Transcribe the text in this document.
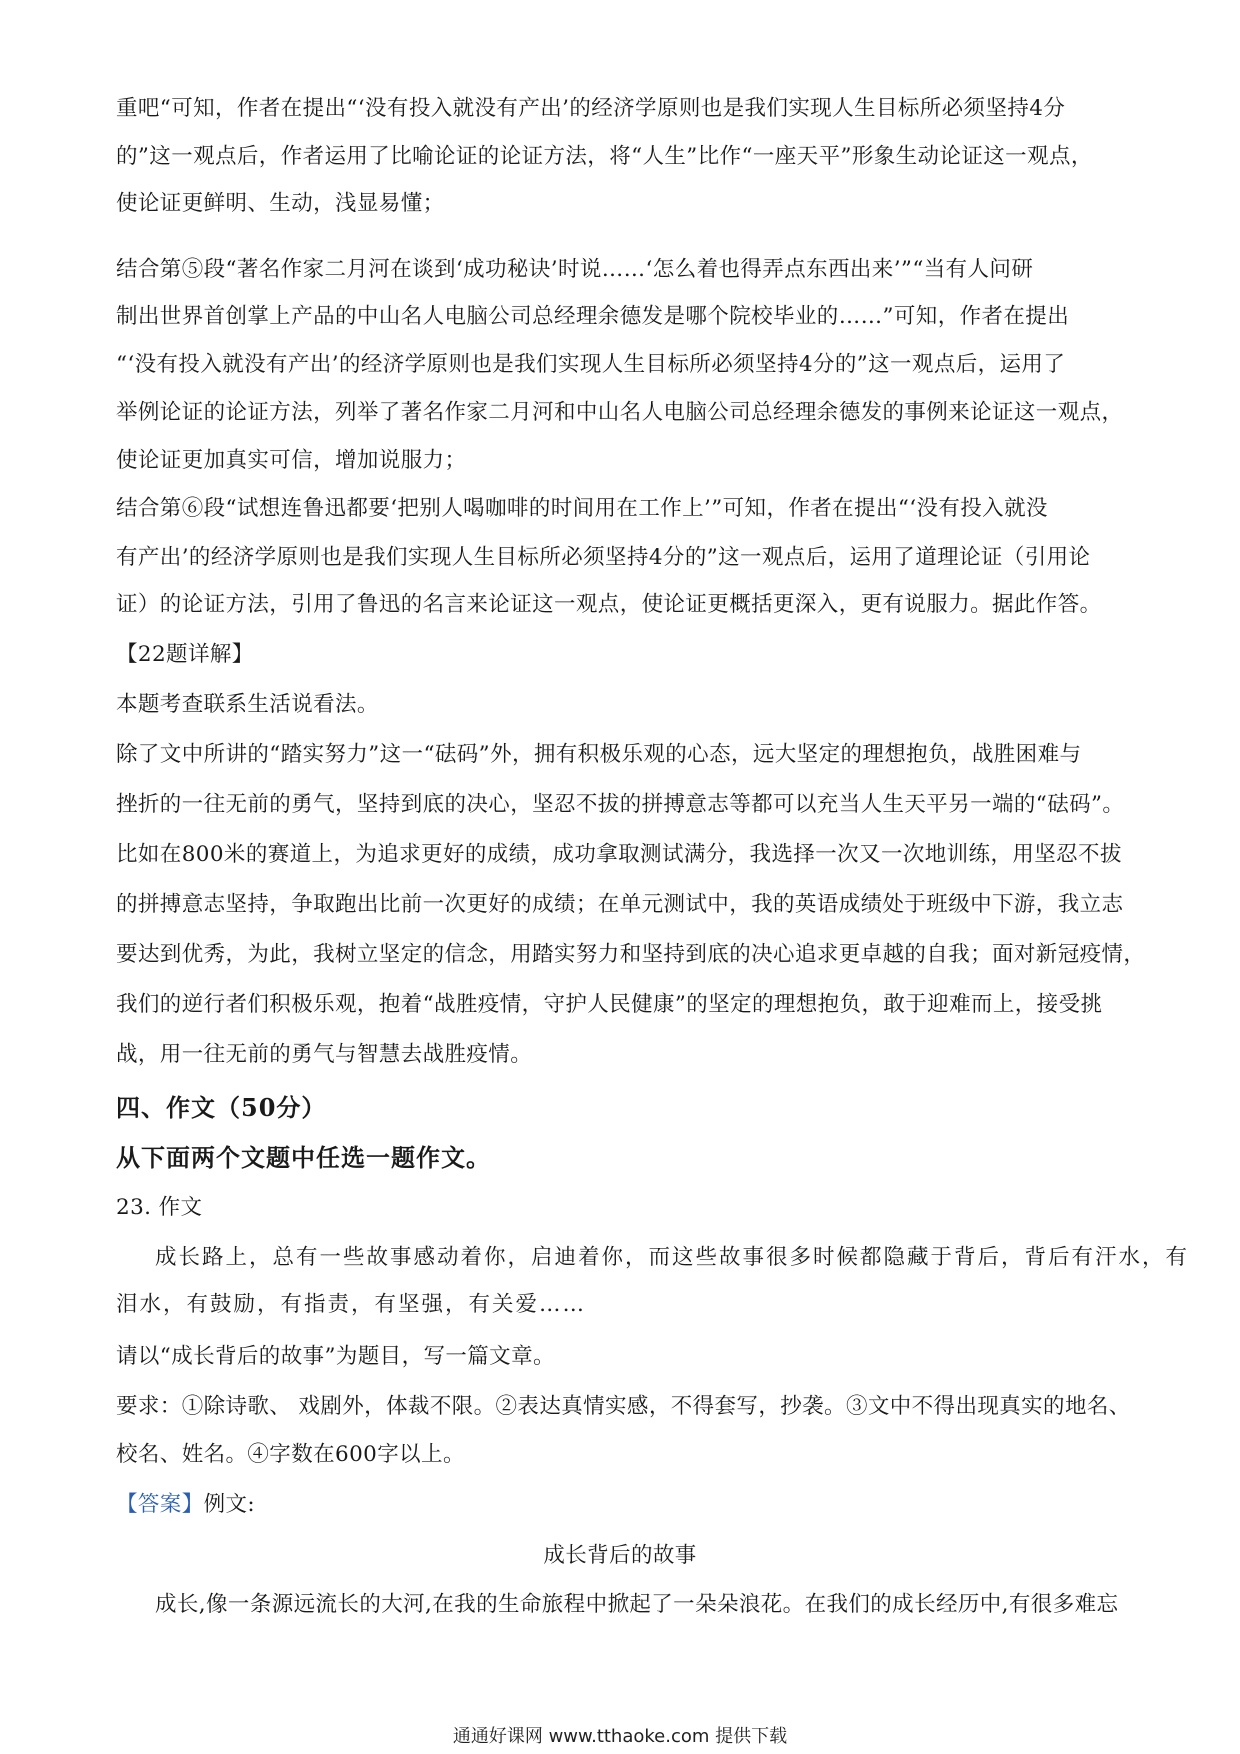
重吧“可知，作者在提出“‘没有投入就没有产出’的经济学原则也是我们实现人生目标所必须坚持4分
的”这一观点后，作者运用了比喻论证的论证方法，将“人生”比作“一座天平”形象生动论证这一观点，
使论证更鲜明、生动，浅显易懂；
结合第⑤段“著名作家二月河在谈到‘成功秘诀’时说……‘怎么着也得弄点东西出来’”“当有人问研
制出世界首创掌上产品的中山名人电脑公司总经理余德发是哪个院校毕业的……”可知，作者在提出
“‘没有投入就没有产出’的经济学原则也是我们实现人生目标所必须坚持4分的”这一观点后，运用了
举例论证的论证方法，列举了著名作家二月河和中山名人电脑公司总经理余德发的事例来论证这一观点，
使论证更加真实可信，增加说服力；
结合第⑥段“试想连鲁迅都要‘把别人喝咖啡的时间用在工作上’”可知，作者在提出“‘没有投入就没
有产出’的经济学原则也是我们实现人生目标所必须坚持4分的”这一观点后，运用了道理论证（引用论
证）的论证方法，引用了鲁迅的名言来论证这一观点，使论证更概括更深入，更有说服力。据此作答。
【22题详解】
本题考查联系生活说看法。
除了文中所讲的“踏实努力”这一“砝码”外，拥有积极乐观的心态，远大坚定的理想抱负，战胜困难与
挫折的一往无前的勇气，坚持到底的决心，坚忍不拔的拼搏意志等都可以充当人生天平另一端的“砝码”。
比如在800米的赛道上，为追求更好的成绩，成功拿取测试满分，我选择一次又一次地训练，用坚忍不拔
的拼搏意志坚持，争取跑出比前一次更好的成绩；在单元测试中，我的英语成绩处于班级中下游，我立志
要达到优秀，为此，我树立坚定的信念，用踏实努力和坚持到底的决心追求更卓越的自我；面对新冠疫情，
我们的逆行者们积极乐观，抱着“战胜疫情，守护人民健康”的坚定的理想抱负，敢于迎难而上，接受挑
战，用一往无前的勇气与智慧去战胜疫情。
四、作文（50分）
从下面两个文题中任选一题作文。
23. 作文
成长路上，总有一些故事感动着你，启迪着你，而这些故事很多时候都隐藏于背后，背后有汗水，有
泪水，有鼓励，有指责，有坚强，有关爱……
请以“成长背后的故事”为题目，写一篇文章。
要求：①除诗歌、 戏剧外，体裁不限。②表达真情实感，不得套写，抄袭。③文中不得出现真实的地名、
校名、姓名。④字数在600字以上。
【答案】例文:
成长背后的故事
成长,像一条源远流长的大河,在我的生命旅程中掀起了一朵朵浪花。在我们的成长经历中,有很多难忘
通通好课网 www.tthaoke.com 提供下载
